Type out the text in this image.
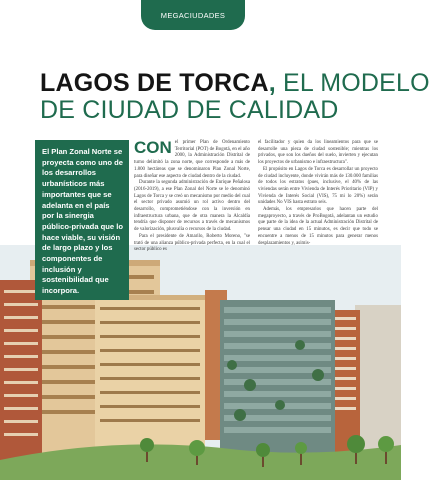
MEGACIUDADES
LAGOS DE TORCA, EL MODELO
DE CIUDAD DE CALIDAD

El Plan Zonal Norte se proyecta como uno de los desarrollos urbanísticos más importantes que se adelanta en el país por la sinergia público-privada que lo hace viable, su visión de largo plazo y los componentes de inclusión y sostenibilidad que incorpora.

CON el primer Plan de Ordenamiento Territorial (POT) de Bogotá, en el año 2000, la Administración Distrital de turno delimitó la zona norte, que corresponde a más de 1.800 hectáreas que se denominaron Plan Zonal Norte, para diseñar ese aspecto de ciudad dentro de la ciudad.
Durante la segunda administración de Enrique Peñalosa (2016-2019), a ese Plan Zonal del Norte se le denominó Lagos de Torca y se creó un mecanismo por medio del cual el sector privado asumió un rol activo dentro del desarrollo, comprometiéndose con la inversión en infraestructura urbana, que de otra manera la Alcaldía tendría que disponer de recursos a través de mecanismos de valorización, plusvalía o recursos de la ciudad.
Para el presidente de Amarilo, Roberto Moreno, "se trató de una alianza público-privada perfecta, en la cual el sector público es
el facilitador y quien da los lineamientos para que se desarrolle una pieza de ciudad sostenible; mientras los privados, que son los dueños del suelo, invierten y ejecutan los proyectos de urbanismo e infraestructura".
El propósito en Lagos de Torca es desarrollar un proyecto de ciudad incluyente, donde vivirán más de 130.000 familias de todos los estratos (pues, inclusive, el 40% de las viviendas serán entre Vivienda de Interés Prioritario (VIP) y Vivienda de Interés Social (VIS), 75 mi lo 20%) serán unidades No VIS hasta estrato seis.
Además, los empresarios que hacen parte del megaproyecto, a través de ProBogotá, adelantan un estudio que parte de la idea de la actual Administración Distrital de pensar una ciudad en 15 minutos, es decir que todo se encuentre a menos de 15 minutos para generar menos desplazamientos y, asimis-
